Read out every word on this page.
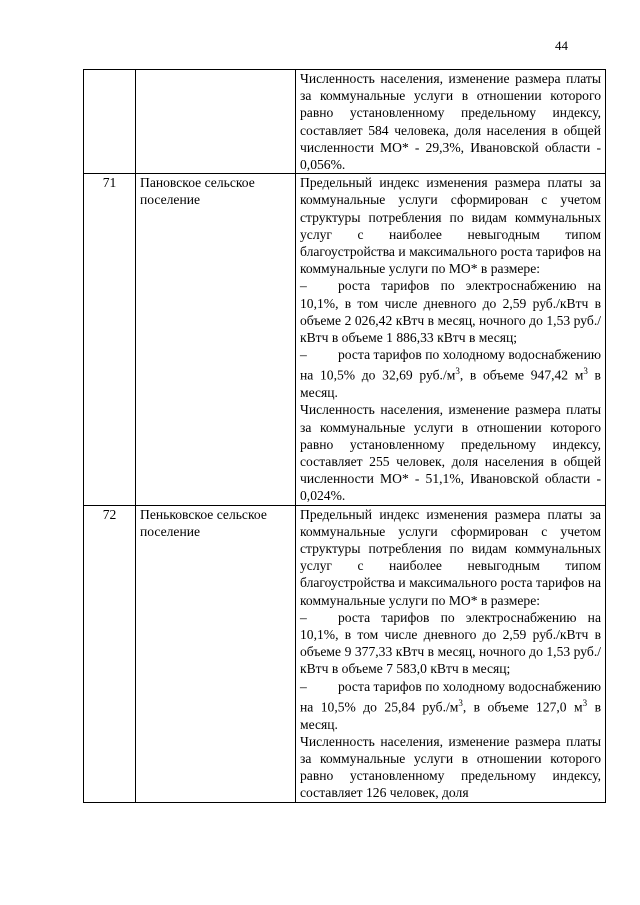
44

		Численность населения, изменение размера платы за коммунальные услуги в отношении которого равно установленному предельному индексу, составляет 584 человека, доля населения в общей численности МО* - 29,3%, Ивановской области - 0,056%.

71	Пановское сельское поселение	Предельный индекс изменения размера платы за коммунальные услуги сформирован с учетом структуры потребления по видам коммунальных услуг с наиболее невыгодным типом благоустройства и максимального роста тарифов на коммунальные услуги по МО* в размере:

– роста тарифов по электроснабжению на 10,1%, в том числе дневного до 2,59 руб./кВтч в объеме 2 026,42 кВтч в месяц, ночного до 1,53 руб./кВтч в объеме 1 886,33 кВтч в месяц;

– роста тарифов по холодному водоснабжению на 10,5% до 32,69 $руб./м^3$, в объеме 947,42 $м^3$ в месяц.

Численность населения, изменение размера платы за коммунальные услуги в отношении которого равно установленному предельному индексу, составляет 255 человек, доля населения в общей численности МО* - 51,1%, Ивановской области - 0,024%.

72	Пеньковское сельское поселение	Предельный индекс изменения размера платы за коммунальные услуги сформирован с учетом структуры потребления по видам коммунальных услуг с наиболее невыгодным типом благоустройства и максимального роста тарифов на коммунальные услуги по МО* в размере:

– роста тарифов по электроснабжению на 10,1%, в том числе дневного до 2,59 руб./кВтч в объеме 9 377,33 кВтч в месяц, ночного до 1,53 руб./кВтч в объеме 7 583,0 кВтч в месяц;

– роста тарифов по холодному водоснабжению на 10,5% до 25,84 $руб./м^3$, в объеме 127,0 $м^3$ в месяц.

Численность населения, изменение размера платы за коммунальные услуги в отношении которого равно установленному предельному индексу, составляет 126 человек, доля
